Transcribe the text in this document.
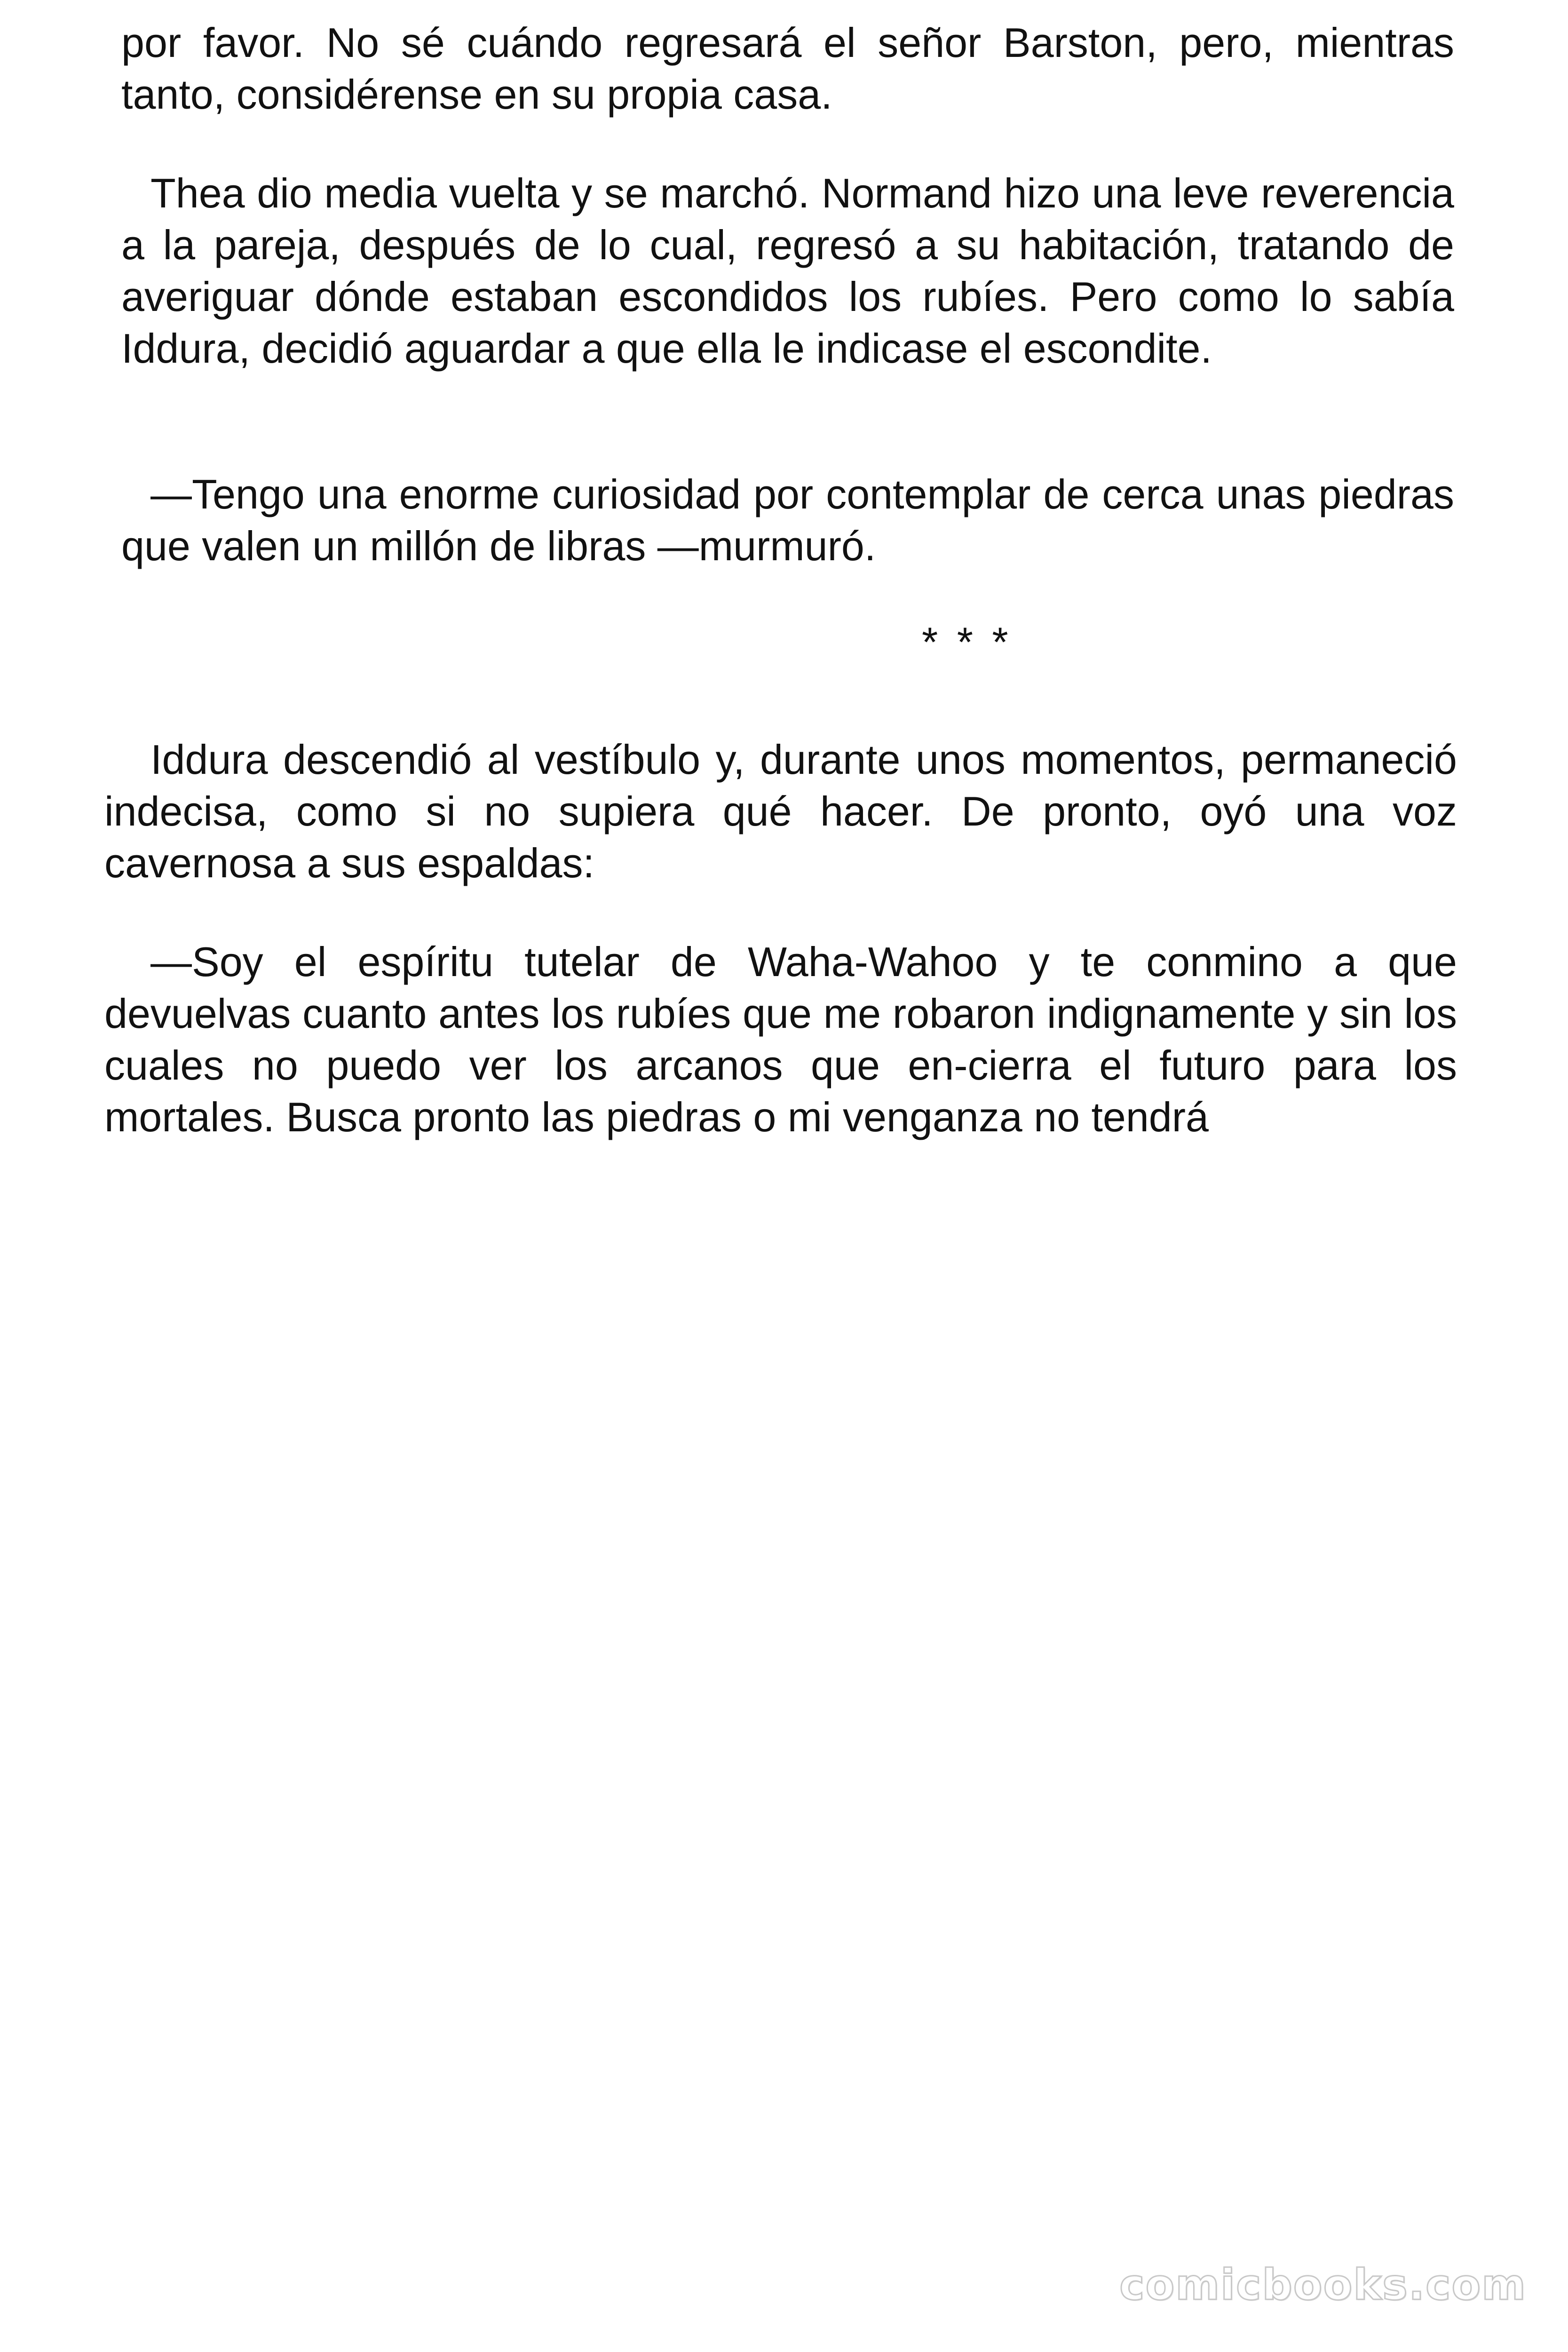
por favor. No sé cuándo regresará el señor Barston, pero, mientras tanto, considérense en su propia casa.

Thea dio media vuelta y se marchó. Normand hizo una leve reverencia a la pareja, después de lo cual, regresó a su habitación, tratando de averiguar dónde estaban escondidos los rubíes. Pero como lo sabía Iddura, decidió aguardar a que ella le indicase el escondite.

—Tengo una enorme curiosidad por contemplar de cerca unas piedras que valen un millón de libras —murmuró.

* * *

Iddura descendió al vestíbulo y, durante unos momentos, permaneció indecisa, como si no supiera qué hacer. De pronto, oyó una voz cavernosa a sus espaldas:

—Soy el espíritu tutelar de Waha-Wahoo y te conmino a que devuelvas cuanto antes los rubíes que me robaron indignamente y sin los cuales no puedo ver los arcanos que en-cierra el futuro para los mortales. Busca pronto las piedras o mi venganza no tendrá

comicbooks.com
